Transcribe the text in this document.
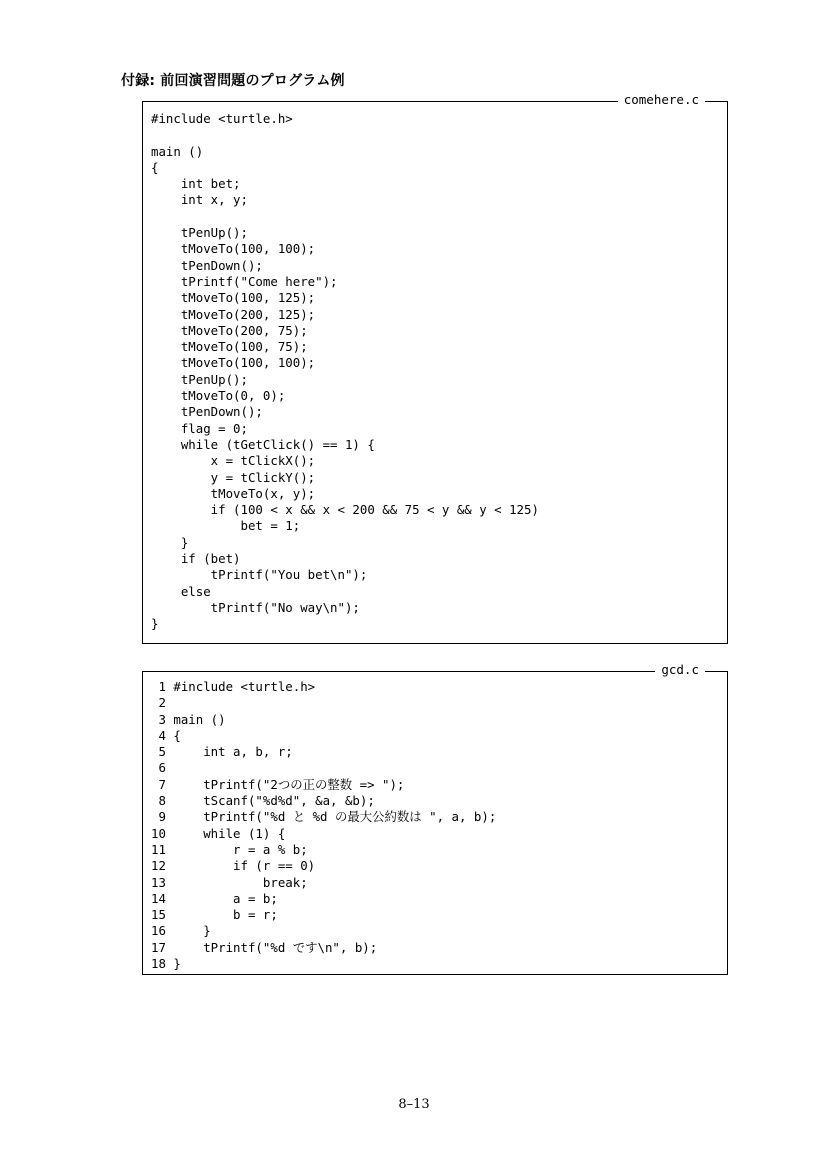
付録: 前回演習問題のプログラム例
comehere.c
#include <turtle.h>

main ()
{
int bet;
int x, y;

tPenUp();
tMoveTo(100, 100);
tPenDown();
tPrintf("Come here");
tMoveTo(100, 125);
tMoveTo(200, 125);
tMoveTo(200, 75);
tMoveTo(100, 75);
tMoveTo(100, 100);
tPenUp();
tMoveTo(0, 0);
tPenDown();
flag = 0;
while (tGetClick() == 1) {
x = tClickX();
y = tClickY();
tMoveTo(x, y);
if (100 < x && x < 200 && 75 < y && y < 125)
bet = 1;
}
if (bet)
tPrintf("You bet\n");
else
tPrintf("No way\n");
}
gcd.c
1 #include <turtle.h>
2
3 main ()
4 {
5     int a, b, r;
6
7     tPrintf("2つの正の整数 => ");
8     tScanf("%d%d", &a, &b);
9     tPrintf("%d と %d の最大公約数は ", a, b);
10     while (1) {
11         r = a % b;
12         if (r == 0)
13             break;
14         a = b;
15         b = r;
16     }
17     tPrintf("%d です\n", b);
18 }
8–13
